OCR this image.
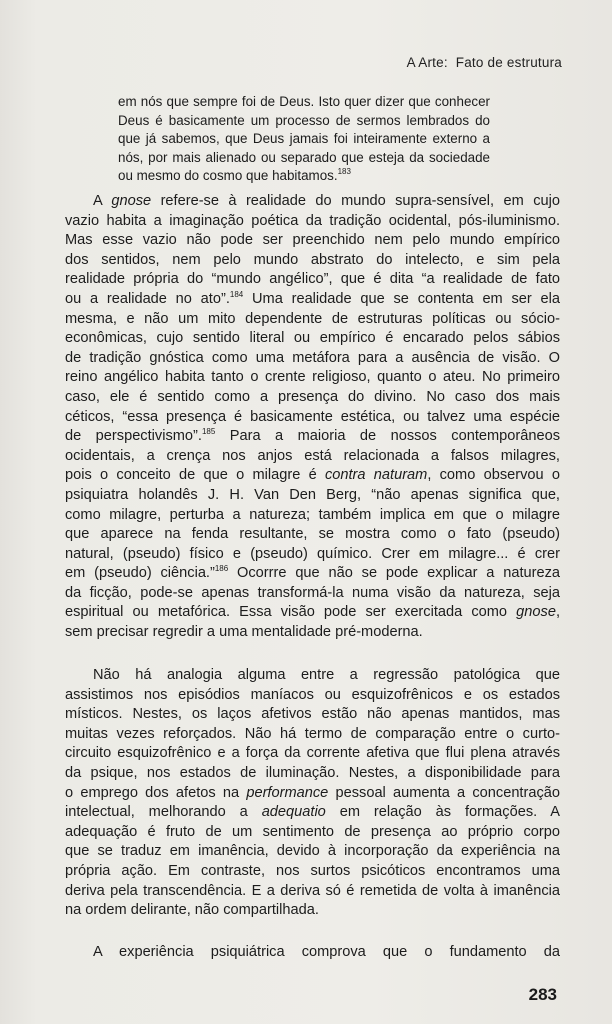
A Arte: Fato de estrutura
em nós que sempre foi de Deus. Isto quer dizer que conhecer
Deus é basicamente um processo de sermos lembrados do
que já sabemos, que Deus jamais foi inteiramente externo a
nós, por mais alienado ou separado que esteja da sociedade
ou mesmo do cosmo que habitamos.$^{183}$
A gnose refere-se à realidade do mundo supra-sensível, em cujo
vazio habita a imaginação poética da tradição ocidental, pós-iluminismo.
Mas esse vazio não pode ser preenchido nem pelo mundo empírico
dos sentidos, nem pelo mundo abstrato do intelecto, e sim pela
realidade própria do “mundo angélico”, que é dita “a realidade de fato
ou a realidade no ato”.$^{184}$ Uma realidade que se contenta em ser ela
mesma, e não um mito dependente de estruturas políticas ou sócio-
econômicas, cujo sentido literal ou empírico é encarado pelos sábios
de tradição gnóstica como uma metáfora para a ausência de visão. O
reino angélico habita tanto o crente religioso, quanto o ateu. No primeiro
caso, ele é sentido como a presença do divino. No caso dos mais
céticos, “essa presença é basicamente estética, ou talvez uma espécie
de perspectivismo”.$^{185}$ Para a maioria de nossos contemporâneos
ocidentais, a crença nos anjos está relacionada a falsos milagres,
pois o conceito de que o milagre é contra naturam, como observou o
psiquiatra holandês J. H. Van Den Berg, “não apenas significa que,
como milagre, perturba a natureza; também implica em que o milagre
que aparece na fenda resultante, se mostra como o fato (pseudo)
natural, (pseudo) físico e (pseudo) químico. Crer em milagre... é crer
em (pseudo) ciência.”$^{186}$ Ocorrre que não se pode explicar a natureza
da ficção, pode-se apenas transformá-la numa visão da natureza, seja
espiritual ou metafórica. Essa visão pode ser exercitada como gnose,
sem precisar regredir a uma mentalidade pré-moderna.
Não há analogia alguma entre a regressão patológica que
assistimos nos episódios maníacos ou esquizofrênicos e os estados
místicos. Nestes, os laços afetivos estão não apenas mantidos, mas
muitas vezes reforçados. Não há termo de comparação entre o curto-
circuito esquizofrênico e a força da corrente afetiva que flui plena através
da psique, nos estados de iluminação. Nestes, a disponibilidade para
o emprego dos afetos na performance pessoal aumenta a concentração
intelectual, melhorando a adequatio em relação às formações. A
adequação é fruto de um sentimento de presença ao próprio corpo
que se traduz em imanência, devido à incorporação da experiência na
própria ação. Em contraste, nos surtos psicóticos encontramos uma
deriva pela transcendência. E a deriva só é remetida de volta à imanência
na ordem delirante, não compartilhada.
A experiência psiquiátrica comprova que o fundamento da
283
